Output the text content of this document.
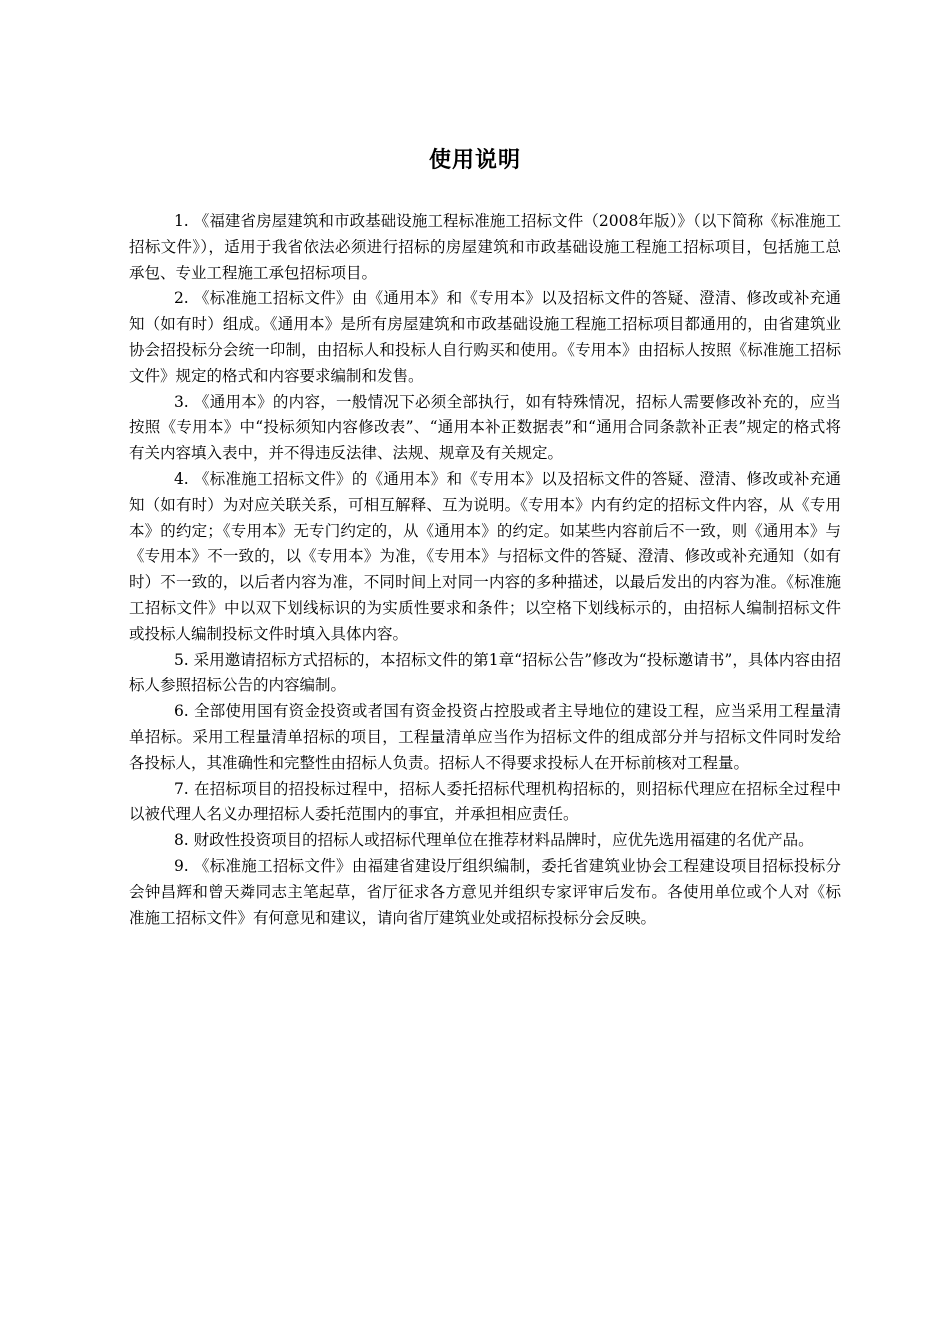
使用说明

1. 《福建省房屋建筑和市政基础设施工程标准施工招标文件（2008年版）》（以下简称《标准施工招标文件》），适用于我省依法必须进行招标的房屋建筑和市政基础设施工程施工招标项目，包括施工总承包、专业工程施工承包招标项目。

2. 《标准施工招标文件》由《通用本》和《专用本》以及招标文件的答疑、澄清、修改或补充通知（如有时）组成。《通用本》是所有房屋建筑和市政基础设施工程施工招标项目都通用的，由省建筑业协会招投标分会统一印制，由招标人和投标人自行购买和使用。《专用本》由招标人按照《标准施工招标文件》规定的格式和内容要求编制和发售。

3. 《通用本》的内容，一般情况下必须全部执行，如有特殊情况，招标人需要修改补充的，应当按照《专用本》中“投标须知内容修改表”、“通用本补正数据表”和“通用合同条款补正表”规定的格式将有关内容填入表中，并不得违反法律、法规、规章及有关规定。

4. 《标准施工招标文件》的《通用本》和《专用本》以及招标文件的答疑、澄清、修改或补充通知（如有时）为对应关联关系，可相互解释、互为说明。《专用本》内有约定的招标文件内容，从《专用本》的约定；《专用本》无专门约定的，从《通用本》的约定。如某些内容前后不一致，则《通用本》与《专用本》不一致的，以《专用本》为准，《专用本》与招标文件的答疑、澄清、修改或补充通知（如有时）不一致的，以后者内容为准，不同时间上对同一内容的多种描述，以最后发出的内容为准。《标准施工招标文件》中以双下划线标识的为实质性要求和条件；以空格下划线标示的，由招标人编制招标文件或投标人编制投标文件时填入具体内容。

5. 采用邀请招标方式招标的，本招标文件的第1章“招标公告”修改为“投标邀请书”，具体内容由招标人参照招标公告的内容编制。

6. 全部使用国有资金投资或者国有资金投资占控股或者主导地位的建设工程，应当采用工程量清单招标。采用工程量清单招标的项目，工程量清单应当作为招标文件的组成部分并与招标文件同时发给各投标人，其准确性和完整性由招标人负责。招标人不得要求投标人在开标前核对工程量。

7. 在招标项目的招投标过程中，招标人委托招标代理机构招标的，则招标代理应在招标全过程中以被代理人名义办理招标人委托范围内的事宜，并承担相应责任。

8. 财政性投资项目的招标人或招标代理单位在推荐材料品牌时，应优先选用福建的名优产品。

9. 《标准施工招标文件》由福建省建设厅组织编制，委托省建筑业协会工程建设项目招标投标分会钟昌辉和曾天粦同志主笔起草，省厅征求各方意见并组织专家评审后发布。各使用单位或个人对《标准施工招标文件》有何意见和建议，请向省厅建筑业处或招标投标分会反映。
